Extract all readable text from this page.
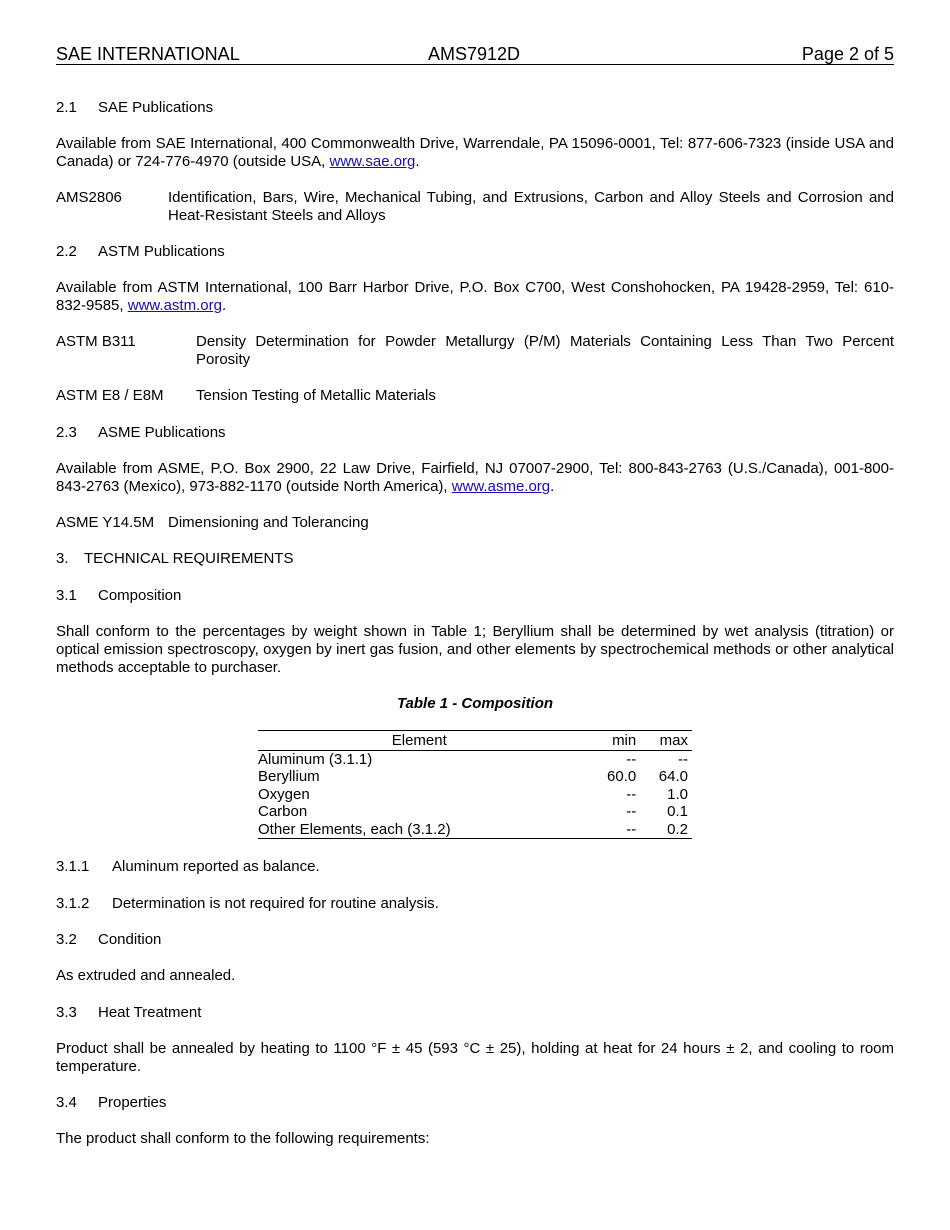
SAE INTERNATIONAL	AMS7912D	Page 2 of 5
2.1 SAE Publications
Available from SAE International, 400 Commonwealth Drive, Warrendale, PA 15096-0001, Tel: 877-606-7323 (inside USA and Canada) or 724-776-4970 (outside USA, www.sae.org.
AMS2806	Identification, Bars, Wire, Mechanical Tubing, and Extrusions, Carbon and Alloy Steels and Corrosion and Heat-Resistant Steels and Alloys
2.2 ASTM Publications
Available from ASTM International, 100 Barr Harbor Drive, P.O. Box C700, West Conshohocken, PA 19428-2959, Tel: 610-832-9585, www.astm.org.
ASTM B311	Density Determination for Powder Metallurgy (P/M) Materials Containing Less Than Two Percent Porosity
ASTM E8 / E8M Tension Testing of Metallic Materials
2.3 ASME Publications
Available from ASME, P.O. Box 2900, 22 Law Drive, Fairfield, NJ 07007-2900, Tel: 800-843-2763 (U.S./Canada), 001-800-843-2763 (Mexico), 973-882-1170 (outside North America), www.asme.org.
ASME Y14.5M Dimensioning and Tolerancing
3. TECHNICAL REQUIREMENTS
3.1 Composition
Shall conform to the percentages by weight shown in Table 1; Beryllium shall be determined by wet analysis (titration) or optical emission spectroscopy, oxygen by inert gas fusion, and other elements by spectrochemical methods or other analytical methods acceptable to purchaser.
Table 1 - Composition
Element	min	max
Aluminum (3.1.1)	--	--
Beryllium	60.0	64.0
Oxygen	--	1.0
Carbon	--	0.1
Other Elements, each (3.1.2)	--	0.2
3.1.1 Aluminum reported as balance.
3.1.2 Determination is not required for routine analysis.
3.2 Condition
As extruded and annealed.
3.3 Heat Treatment
Product shall be annealed by heating to 1100 °F ± 45 (593 °C ± 25), holding at heat for 24 hours ± 2, and cooling to room temperature.
3.4 Properties
The product shall conform to the following requirements:
